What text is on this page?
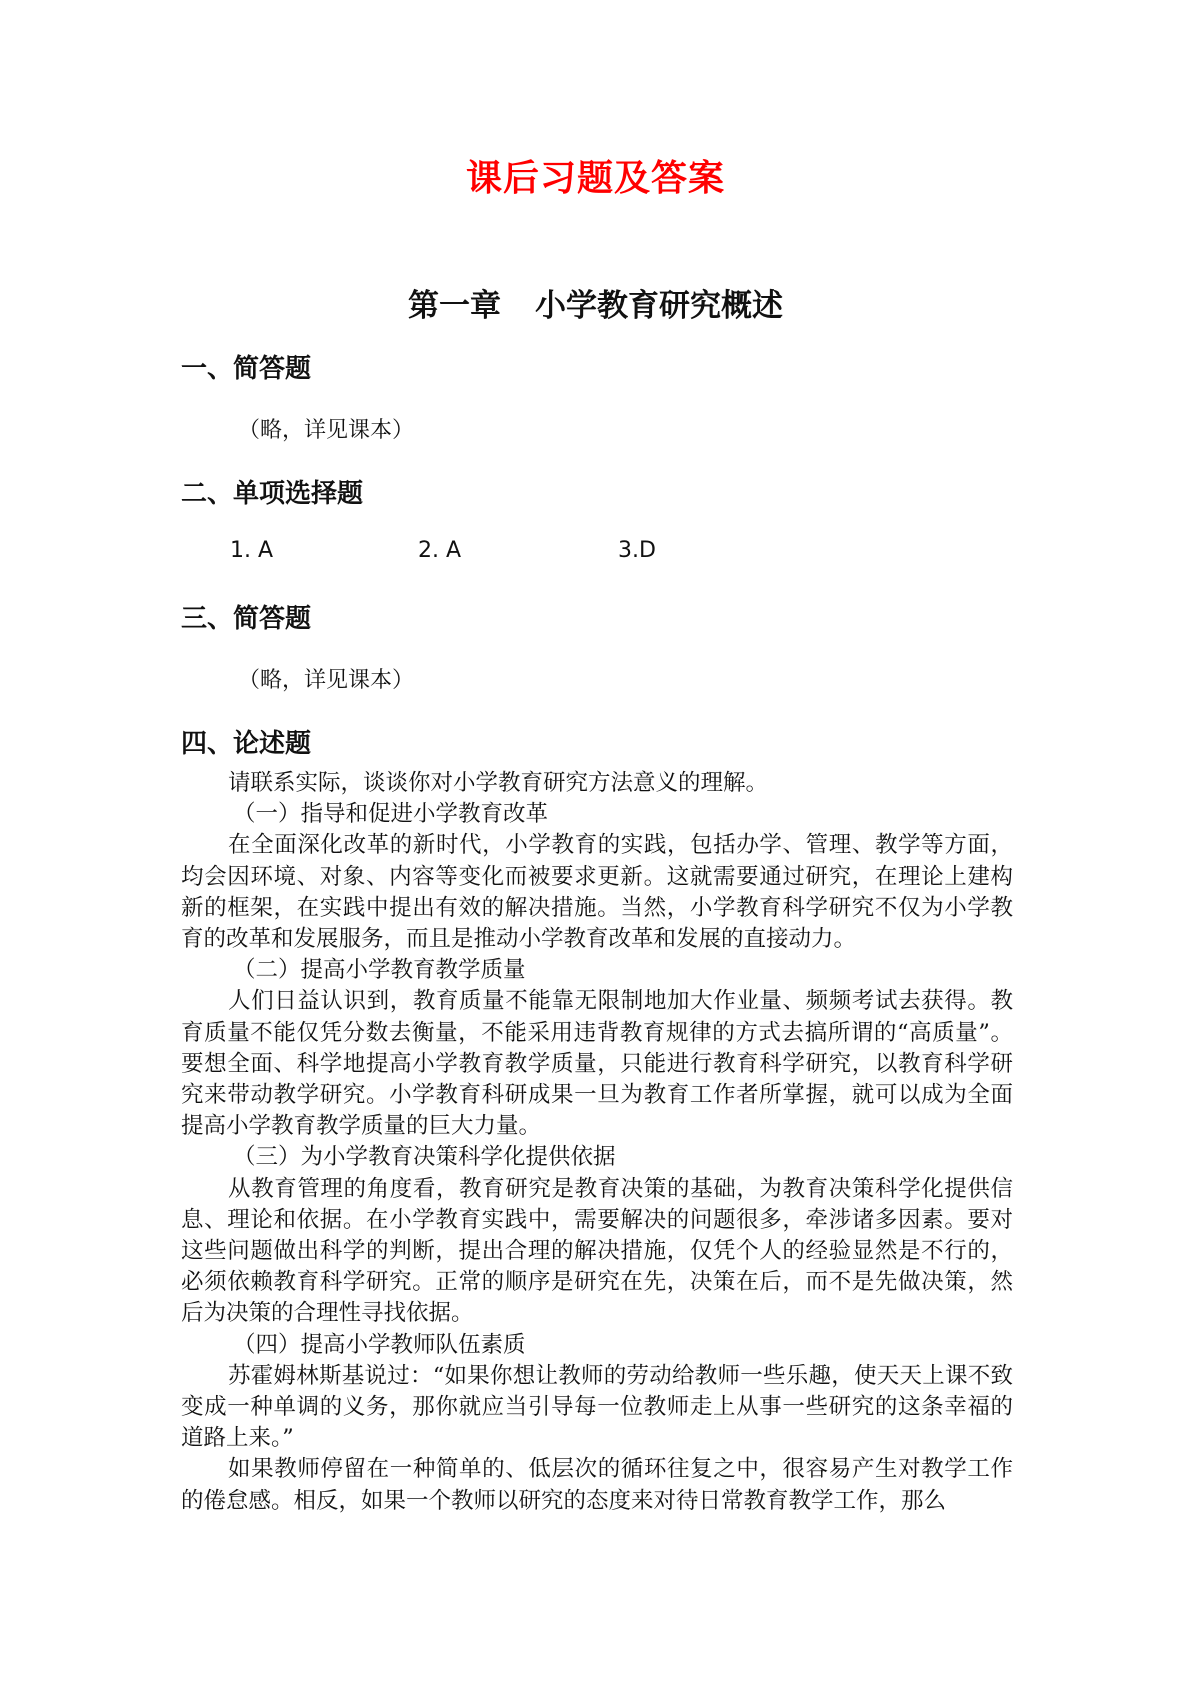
课后习题及答案
第一章 小学教育研究概述
一、简答题
（略，详见课本）
二、单项选择题
1. A	2. A	3.D
三、简答题
（略，详见课本）
四、论述题

请联系实际，谈谈你对小学教育研究方法意义的理解。

（一）指导和促进小学教育改革

在全面深化改革的新时代，小学教育的实践，包括办学、管理、教学等方面，均会因环境、对象、内容等变化而被要求更新。这就需要通过研究，在理论上建构新的框架，在实践中提出有效的解决措施。当然，小学教育科学研究不仅为小学教育的改革和发展服务，而且是推动小学教育改革和发展的直接动力。

（二）提高小学教育教学质量

人们日益认识到，教育质量不能靠无限制地加大作业量、频频考试去获得。教育质量不能仅凭分数去衡量，不能采用违背教育规律的方式去搞所谓的“高质量”。要想全面、科学地提高小学教育教学质量，只能进行教育科学研究，以教育科学研究来带动教学研究。小学教育科研成果一旦为教育工作者所掌握，就可以成为全面提高小学教育教学质量的巨大力量。

（三）为小学教育决策科学化提供依据

从教育管理的角度看，教育研究是教育决策的基础，为教育决策科学化提供信息、理论和依据。在小学教育实践中，需要解决的问题很多，牵涉诸多因素。要对这些问题做出科学的判断，提出合理的解决措施，仅凭个人的经验显然是不行的，必须依赖教育科学研究。正常的顺序是研究在先，决策在后，而不是先做决策，然后为决策的合理性寻找依据。

（四）提高小学教师队伍素质

苏霍姆林斯基说过：“如果你想让教师的劳动给教师一些乐趣，使天天上课不致变成一种单调的义务，那你就应当引导每一位教师走上从事一些研究的这条幸福的道路上来。”

如果教师停留在一种简单的、低层次的循环往复之中，很容易产生对教学工作的倦怠感。相反，如果一个教师以研究的态度来对待日常教育教学工作，那么
